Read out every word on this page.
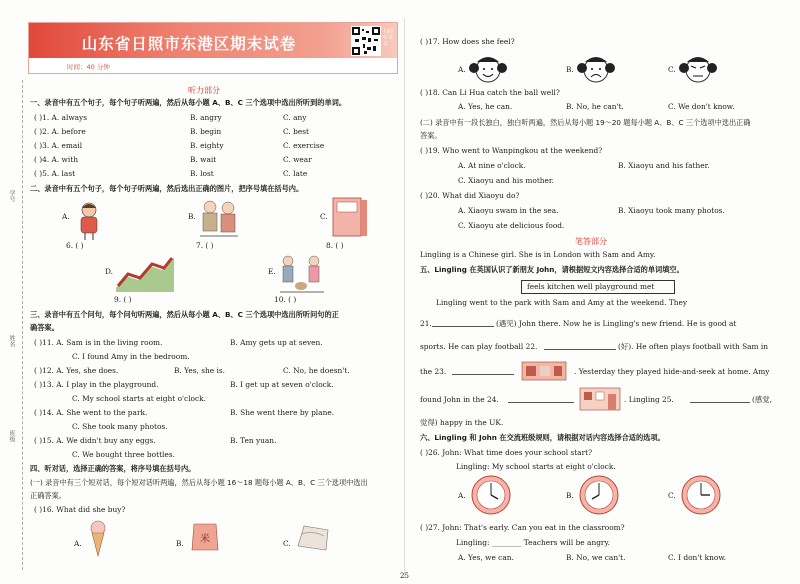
学号
姓名
班级
山东省日照市东港区期末试卷
扫码听录音
时间：40 分钟
听力部分
一、录音中有五个句子，每个句子听两遍，然后从每小题 A、B、C 三个选项中选出所听到的单词。
( )1. A. always	B. angry	C. any
( )2. A. before	B. begin	C. best
( )3. A. email	B. eighty	C. exercise
( )4. A. with	B. wait	C. wear
( )5. A. last	B. lost	C. late
二、录音中有五个句子，每个句子听两遍，然后选出正确的图片，把序号填在括号内。
A.
6. ( )
B.
7. ( )
C.
8. ( )
D.
9. ( )
E.
10. ( )
三、录音中有五个问句，每个问句听两遍，然后从每小题 A、B、C 三个选项中选出所听问句的正
确答案。
( )11. A. Sam is in the living room.	B. Amy gets up at seven.
C. I found Amy in the bedroom.
( )12. A. Yes, she does.	B. Yes, she is.	C. No, he doesn't.
( )13. A. I play in the playground.	B. I get up at seven o'clock.
C. My school starts at eight o'clock.
( )14. A. She went to the park.	B. She went there by plane.
C. She took many photos.
( )15. A. We didn't buy any eggs.	B. Ten yuan.
C. We bought three bottles.
四、听对话，选择正确的答案，将序号填在括号内。
(一) 录音中有三个短对话，每个短对话听两遍，然后从每小题 16～18 题每小题 A、B、C 三个选项中选出
正确答案。
( )16. What did she buy?
A.	B. 米	C.
( )17. How does she feel?
A.	B.	C.
( )18. Can Li Hua catch the ball well?
A. Yes, he can.	B. No, he can't.	C. We don't know.
(二) 录音中有一段长独白，独白听两遍，然后从每小题 19～20 题每小题 A、B、C 三个选项中选出正确
答案。
( )19. Who went to Wanpingkou at the weekend?
A. At nine o'clock.	B. Xiaoyu and his father.
C. Xiaoyu and his mother.
( )20. What did Xiaoyu do?
A. Xiaoyu swam in the sea.	B. Xiaoyu took many photos.
C. Xiaoyu ate delicious food.
笔答部分
Lingling is a Chinese girl. She is in London with Sam and Amy.
五、Lingling 在英国认识了新朋友 John，请根据短文内容选择合适的单词填空。
feels kitchen well playground met
Lingling went to the park with Sam and Amy at the weekend. They
21.	(遇见) John there. Now he is Lingling's new friend. He is good at
sports. He can play football 22.	(好). He often plays football with Sam in
the 23.	. Yesterday they played hide-and-seek at home. Amy
found John in the 24.	. Lingling 25.	(感觉,
觉得) happy in the UK.
六、Lingling 和 John 在交流班级规则，请根据对话内容选择合适的选项。
( )26. John: What time does your school start?
Lingling: My school starts at eight o'clock.
A.	B.	C.
( )27. John: That's early. Can you eat in the classroom?
Lingling: ________ Teachers will be angry.
A. Yes, we can.	B. No, we can't.	C. I don't know.
25
